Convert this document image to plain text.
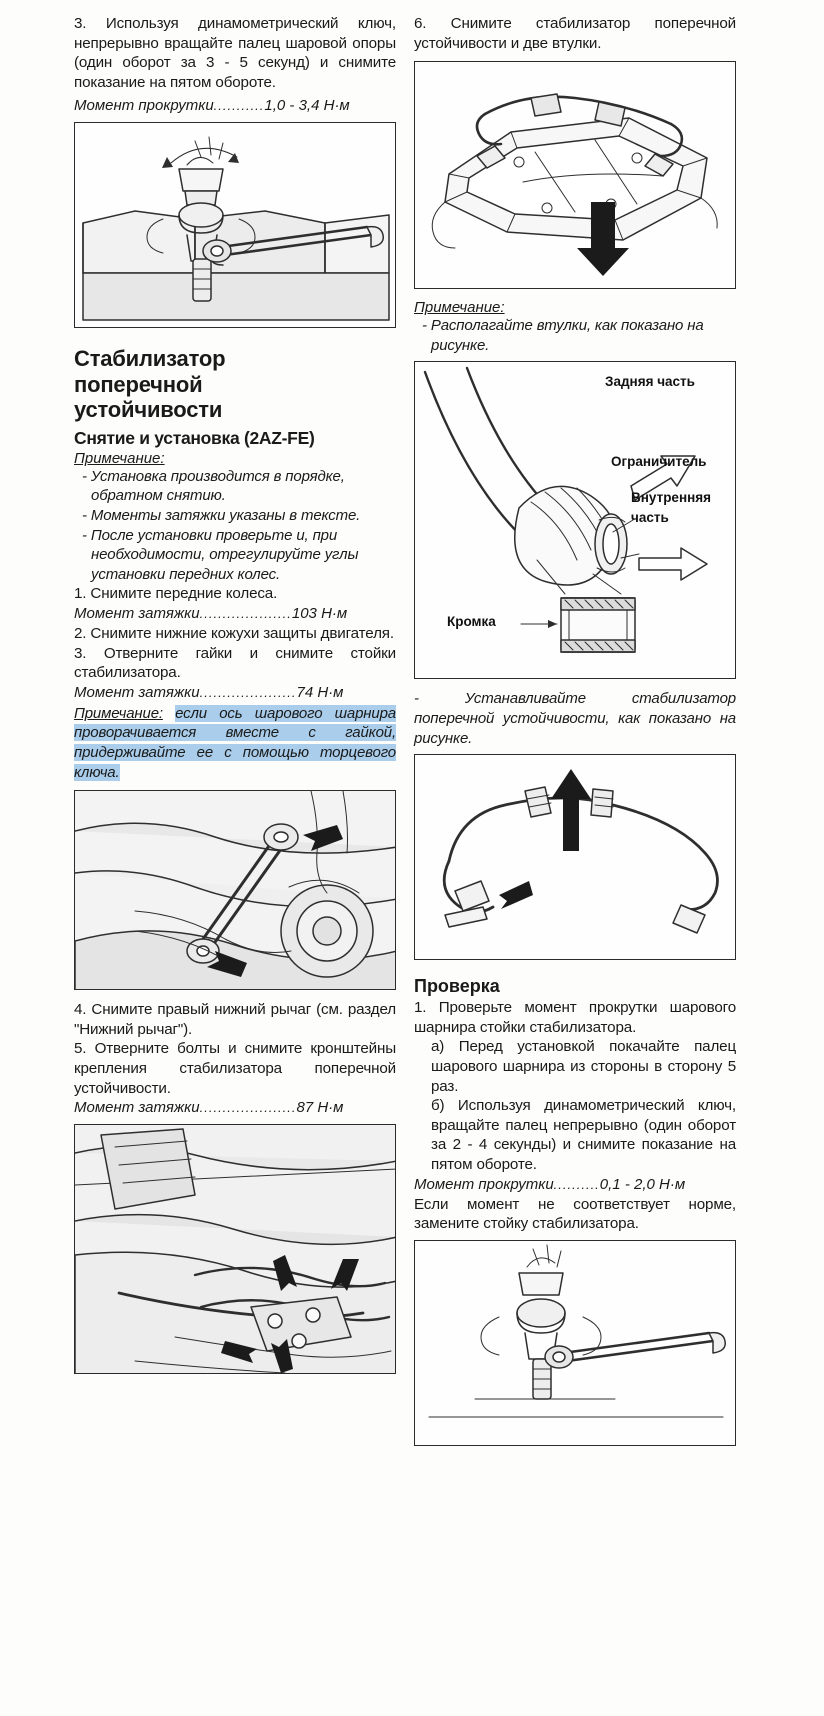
3. Используя динамометрический ключ, непрерывно вращайте палец шаровой опоры (один оборот за 3 - 5 секунд) и снимите показание на пятом обороте.

Момент прокрутки...........1,0 - 3,4 Н·м
Стабилизатор
поперечной
устойчивости
Снятие и установка (2AZ-FE)
Примечание:

- Установка производится в порядке, обратном снятию.

- Моменты затяжки указаны в тексте.

- После установки проверьте и, при необходимости, отрегулируйте углы установки передних колес.

1. Снимите передние колеса.

Момент затяжки....................103 Н·м

2. Снимите нижние кожухи защиты двигателя.

3. Отверните гайки и снимите стойки стабилизатора.

Момент затяжки.....................74 Н·м

Примечание: если ось шарового шарнира проворачивается вместе с гайкой, придерживайте ее с помощью торцевого ключа.

4. Снимите правый нижний рычаг (см. раздел "Нижний рычаг").

5. Отверните болты и снимите кронштейны крепления стабилизатора поперечной устойчивости.

Момент затяжки.....................87 Н·м

6. Снимите стабилизатор поперечной устойчивости и две втулки.

Примечание:

- Располагайте втулки, как показано на рисунке.

Задняя часть
Ограничитель
Внутренняя
часть
Кромка

- Устанавливайте стабилизатор поперечной устойчивости, как показано на рисунке.

Проверка

1. Проверьте момент прокрутки шарового шарнира стойки стабилизатора.

а) Перед установкой покачайте палец шарового шарнира из стороны в сторону 5 раз.

б) Используя динамометрический ключ, вращайте палец непрерывно (один оборот за 2 - 4 секунды) и снимите показание на пятом обороте.

Момент прокрутки..........0,1 - 2,0 Н·м

Если момент не соответствует норме, замените стойку стабилизатора.
